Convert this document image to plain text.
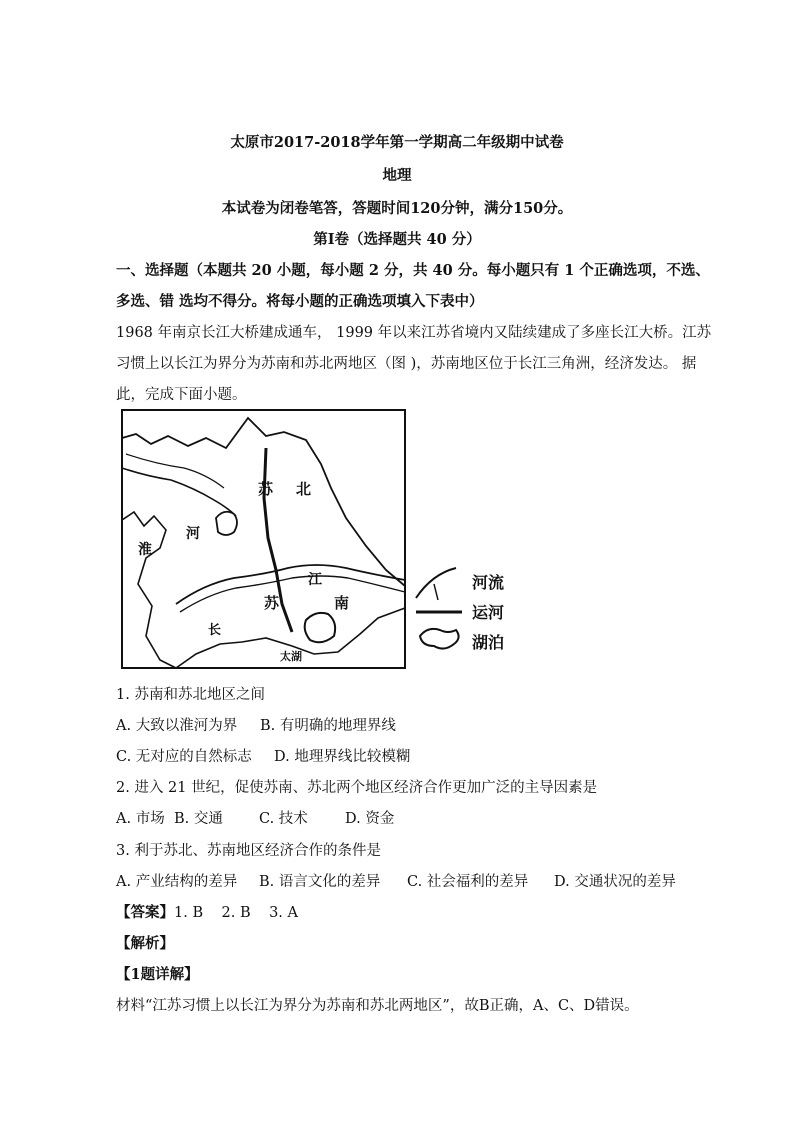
太原市2017-2018学年第一学期高二年级期中试卷
地理
本试卷为闭卷笔答，答题时间120分钟，满分150分。
第Ⅰ卷（选择题共 40 分）
一、选择题（本题共 20 小题，每小题 2 分，共 40 分。每小题只有 1 个正确选项，不选、
多选、错 选均不得分。将每小题的正确选项填入下表中）
1968 年南京长江大桥建成通车， 1999 年以来江苏省境内又陆续建成了多座长江大桥。江苏
习惯上以长江为界分为苏南和苏北两地区（图 )，苏南地区位于长江三角洲，经济发达。 据
此，完成下面小题。
苏 北
河
淮
江
苏	南
长
太湖
河流
运河
湖泊
1. 苏南和苏北地区之间
A. 大致以淮河为界 B. 有明确的地理界线
C. 无对应的自然标志 D. 地理界线比较模糊
2. 进入 21 世纪，促使苏南、苏北两个地区经济合作更加广泛的主导因素是
A. 市场 B. 交通 C. 技术	D. 资金
3. 利于苏北、苏南地区经济合作的条件是
A. 产业结构的差异 B. 语言文化的差异 C. 社会福利的差异 D. 交通状况的差异
【答案】1. B    2. B    3. A
【解析】
【1题详解】
材料“江苏习惯上以长江为界分为苏南和苏北两地区”，故B正确，A、C、D错误。
